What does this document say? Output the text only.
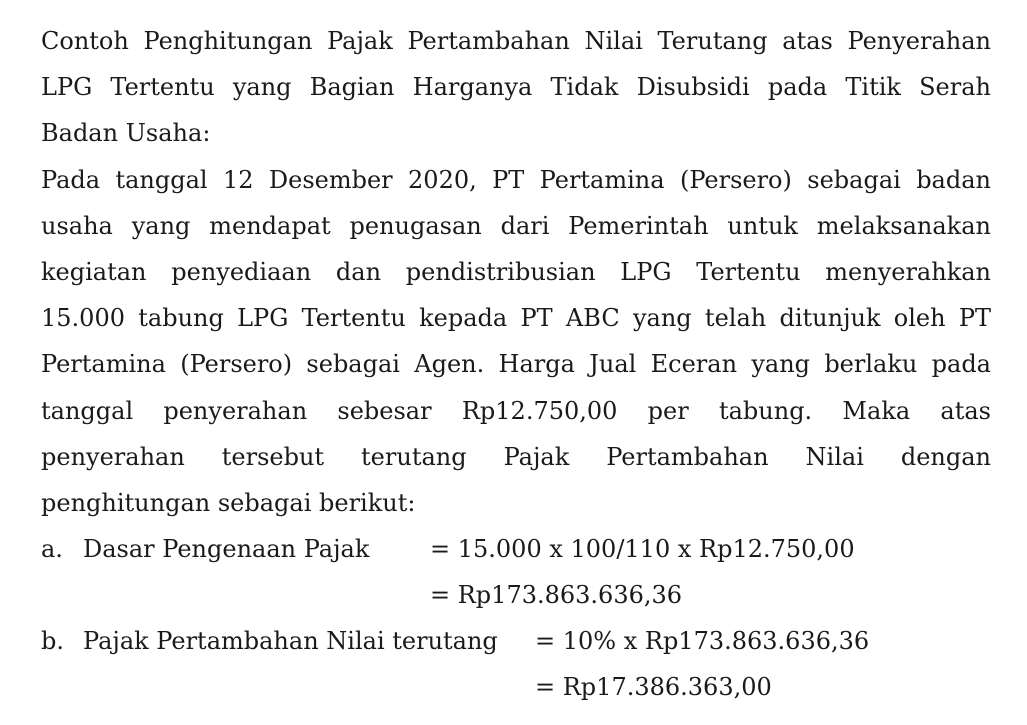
Contoh Penghitungan Pajak Pertambahan Nilai Terutang atas Penyerahan
LPG Tertentu yang Bagian Harganya Tidak Disubsidi pada Titik Serah
Badan Usaha:
Pada tanggal 12 Desember 2020, PT Pertamina (Persero) sebagai badan
usaha yang mendapat penugasan dari Pemerintah untuk melaksanakan
kegiatan penyediaan dan pendistribusian LPG Tertentu menyerahkan
15.000 tabung LPG Tertentu kepada PT ABC yang telah ditunjuk oleh PT
Pertamina (Persero) sebagai Agen. Harga Jual Eceran yang berlaku pada
tanggal penyerahan sebesar Rp12.750,00 per tabung. Maka atas
penyerahan tersebut terutang Pajak Pertambahan Nilai dengan
penghitungan sebagai berikut:
a. Dasar Pengenaan Pajak	= 15.000 x 100/110 x Rp12.750,00
= Rp173.863.636,36
b. Pajak Pertambahan Nilai terutang = 10% x Rp173.863.636,36
= Rp17.386.363,00
